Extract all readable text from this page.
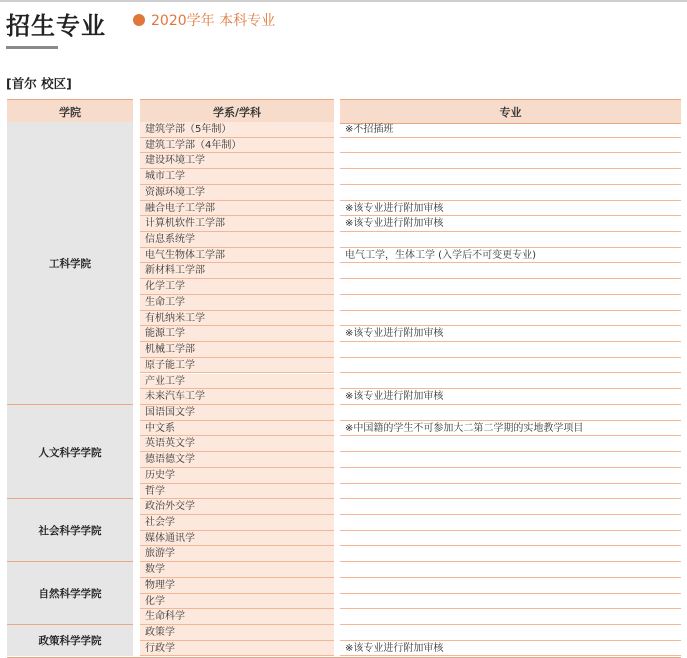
招生专业	2020学年 本科专业
[首尔 校区]
学院	学系/学科	专业
工科学院
建筑学部（5年制）	※不招插班
建筑工学部（4年制）
建设环境工学
城市工学
资源环境工学
融合电子工学部	※该专业进行附加审核
计算机软件工学部	※该专业进行附加审核
信息系统学
电气生物体工学部	电气工学，生体工学 (入学后不可变更专业)
新材料工学部
化学工学
生命工学
有机纳米工学
能源工学	※该专业进行附加审核
机械工学部
原子能工学
产业工学
未来汽车工学	※该专业进行附加审核
人文科学学院
国语国文学
中文系	※中国籍的学生不可参加大二第二学期的实地教学项目
英语英文学
德语德文学
历史学
哲学
社会科学学院
政治外交学
社会学
媒体通讯学
旅游学
自然科学学院
数学
物理学
化学
生命科学
政策科学学院
政策学
行政学	※该专业进行附加审核
